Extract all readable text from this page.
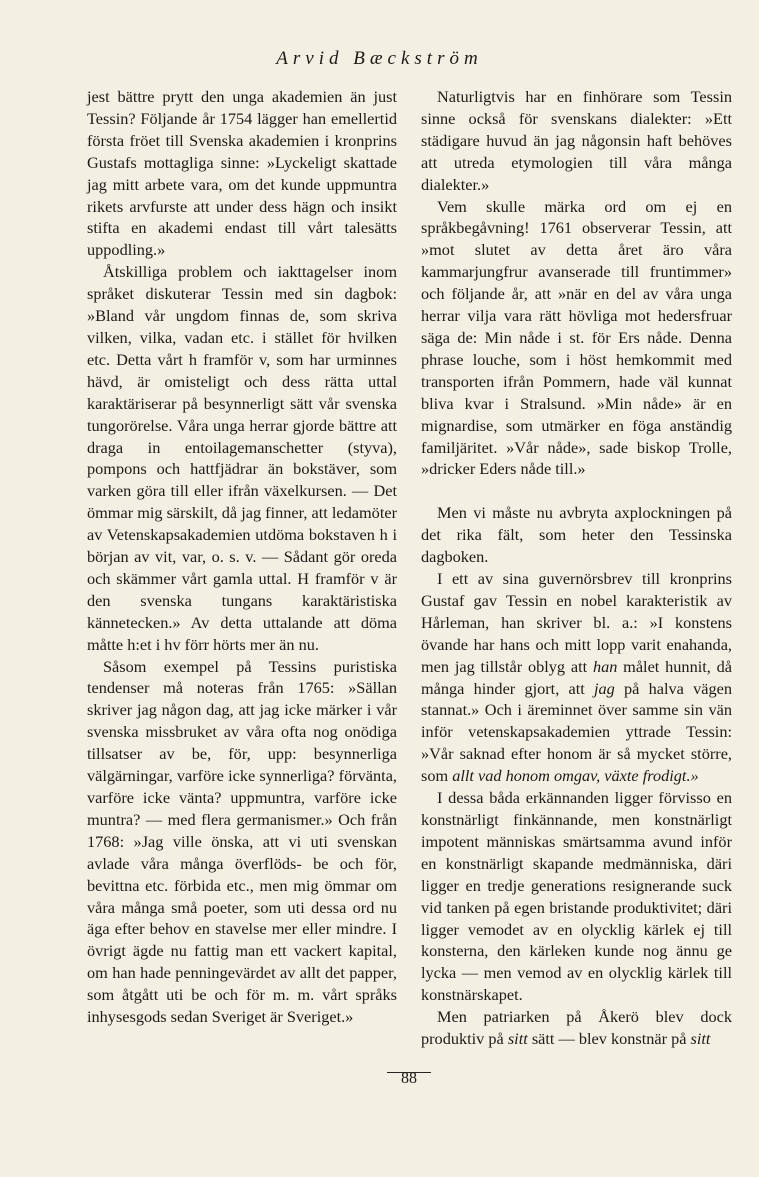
Arvid Bæckström

jest bättre prytt den unga akademien än just Tessin? Följande år 1754 lägger han emellertid första fröet till Svenska akademien i kronprins Gustafs mottagliga sinne: »Lyckeligt skattade jag mitt arbete vara, om det kunde uppmuntra rikets arvfurste att under dess hägn och insikt stifta en akademi endast till vårt talesätts uppodling.»

Åtskilliga problem och iakttagelser inom språket diskuterar Tessin med sin dagbok: »Bland vår ungdom finnas de, som skriva vilken, vilka, vadan etc. i stället för hvilken etc. Detta vårt h framför v, som har urminnes hävd, är omisteligt och dess rätta uttal karaktäriserar på besynnerligt sätt vår svenska tungorörelse. Våra unga herrar gjorde bättre att draga in entoilagemanschetter (styva), pompons och hattfjädrar än bokstäver, som varken göra till eller ifrån växelkursen. — Det ömmar mig särskilt, då jag finner, att ledamöter av Vetenskapsakademien utdöma bokstaven h i början av vit, var, o. s. v. — Sådant gör oreda och skämmer vårt gamla uttal. H framför v är den svenska tungans karaktäristiska kännetecken.» Av detta uttalande att döma måtte h:et i hv förr hörts mer än nu.

Såsom exempel på Tessins puristiska tendenser må noteras från 1765: »Sällan skriver jag någon dag, att jag icke märker i vår svenska missbruket av våra ofta nog onödiga tillsatser av be, för, upp: besynnerliga välgärningar, varföre icke synnerliga? förvänta, varföre icke vänta? uppmuntra, varföre icke muntra? — med flera germanismer.» Och från 1768: »Jag ville önska, att vi uti svenskan avlade våra många överflöds- be och för, bevittna etc. förbida etc., men mig ömmar om våra många små poeter, som uti dessa ord nu äga efter behov en stavelse mer eller mindre. I övrigt ägde nu fattig man ett vackert kapital, om han hade penningevärdet av allt det papper, som åtgått uti be och för m. m. vårt språks inhysesgods sedan Sveriget är Sveriget.»

Naturligtvis har en finhörare som Tessin sinne också för svenskans dialekter: »Ett städigare huvud än jag någonsin haft behöves att utreda etymologien till våra många dialekter.»

Vem skulle märka ord om ej en språkbegåvning! 1761 observerar Tessin, att »mot slutet av detta året äro våra kammarjungfrur avanserade till fruntimmer» och följande år, att »när en del av våra unga herrar vilja vara rätt hövliga mot hedersfruar säga de: Min nåde i st. för Ers nåde. Denna phrase louche, som i höst hemkommit med transporten ifrån Pommern, hade väl kunnat bliva kvar i Stralsund. »Min nåde» är en mignardise, som utmärker en föga anständig familjäritet. »Vår nåde», sade biskop Trolle, »dricker Eders nåde till.»

Men vi måste nu avbryta axplockningen på det rika fält, som heter den Tessinska dagboken.

I ett av sina guvernörsbrev till kronprins Gustaf gav Tessin en nobel karakteristik av Hårleman, han skriver bl. a.: »I konstens övande har hans och mitt lopp varit enahanda, men jag tillstår oblyg att han målet hunnit, då många hinder gjort, att jag på halva vägen stannat.» Och i äreminnet över samme sin vän inför vetenskapsakademien yttrade Tessin: »Vår saknad efter honom är så mycket större, som allt vad honom omgav, växte frodigt.»

I dessa båda erkännanden ligger förvisso en konstnärligt finkännande, men konstnärligt impotent människas smärtsamma avund inför en konstnärligt skapande medmänniska, däri ligger en tredje generations resignerande suck vid tanken på egen bristande produktivitet; däri ligger vemodet av en olycklig kärlek ej till konsterna, den kärleken kunde nog ännu ge lycka — men vemod av en olycklig kärlek till konstnärskapet.

Men patriarken på Åkerö blev dock produktiv på sitt sätt — blev konstnär på sitt

88
